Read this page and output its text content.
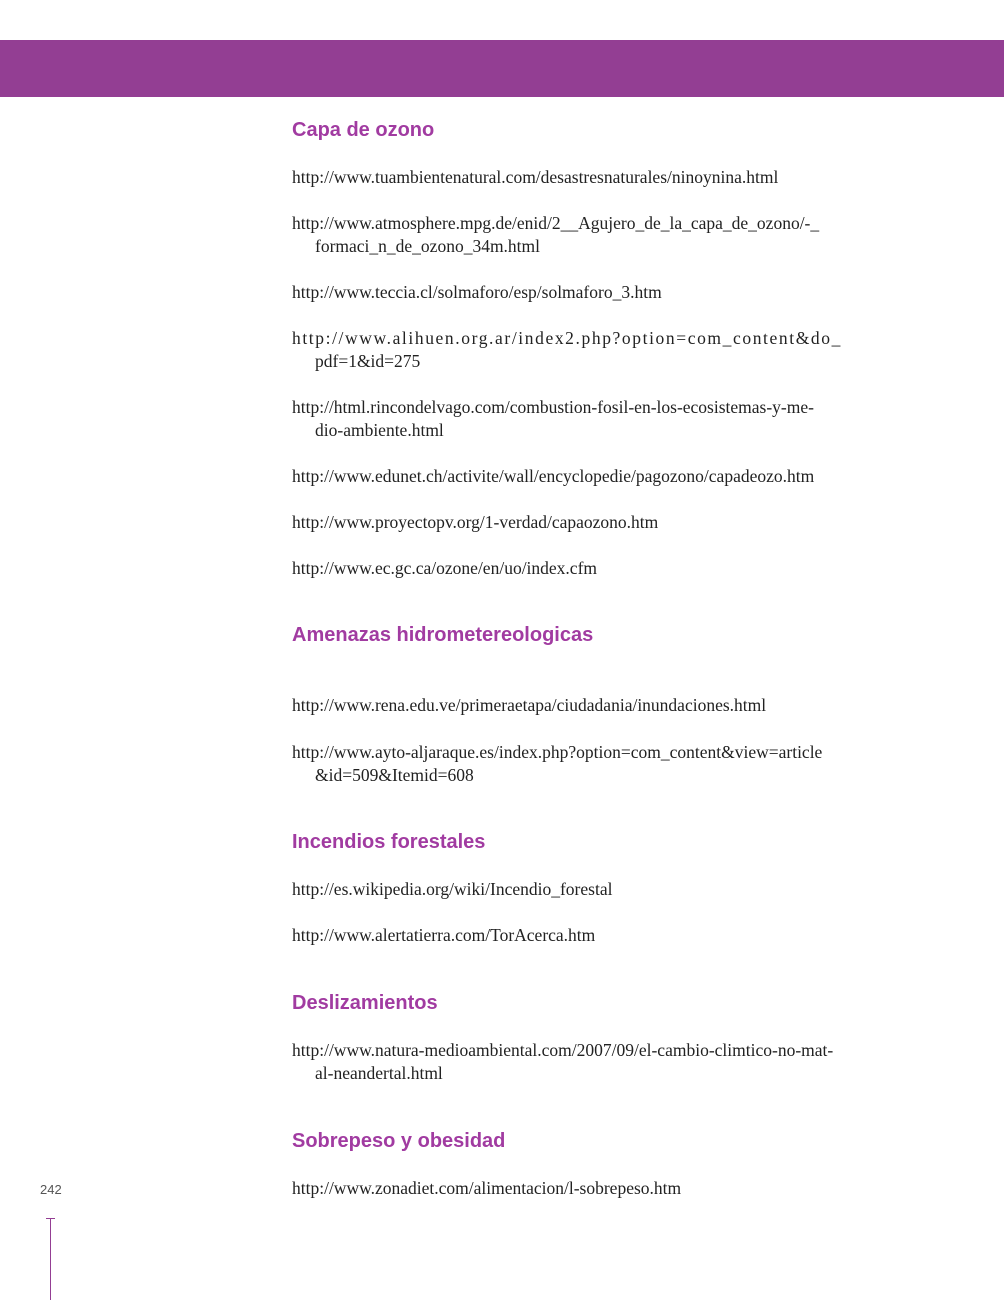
Capa de ozono

http://www.tuambientenatural.com/desastresnaturales/ninoynina.html

http://www.atmosphere.mpg.de/enid/2__Agujero_de_la_capa_de_ozono/-_
formaci_n_de_ozono_34m.html

http://www.teccia.cl/solmaforo/esp/solmaforo_3.htm

http://www.alihuen.org.ar/index2.php?option=com_content&do_
pdf=1&id=275

http://html.rincondelvago.com/combustion-fosil-en-los-ecosistemas-y-me-
dio-ambiente.html

http://www.edunet.ch/activite/wall/encyclopedie/pagozono/capadeozo.htm

http://www.proyectopv.org/1-verdad/capaozono.htm

http://www.ec.gc.ca/ozone/en/uo/index.cfm

Amenazas hidrometereologicas

http://www.rena.edu.ve/primeraetapa/ciudadania/inundaciones.html

http://www.ayto-aljaraque.es/index.php?option=com_content&view=article
&id=509&Itemid=608

Incendios forestales

http://es.wikipedia.org/wiki/Incendio_forestal

http://www.alertatierra.com/TorAcerca.htm

Deslizamientos

http://www.natura-medioambiental.com/2007/09/el-cambio-climtico-no-mat-
al-neandertal.html

Sobrepeso y obesidad

http://www.zonadiet.com/alimentacion/l-sobrepeso.htm

242
